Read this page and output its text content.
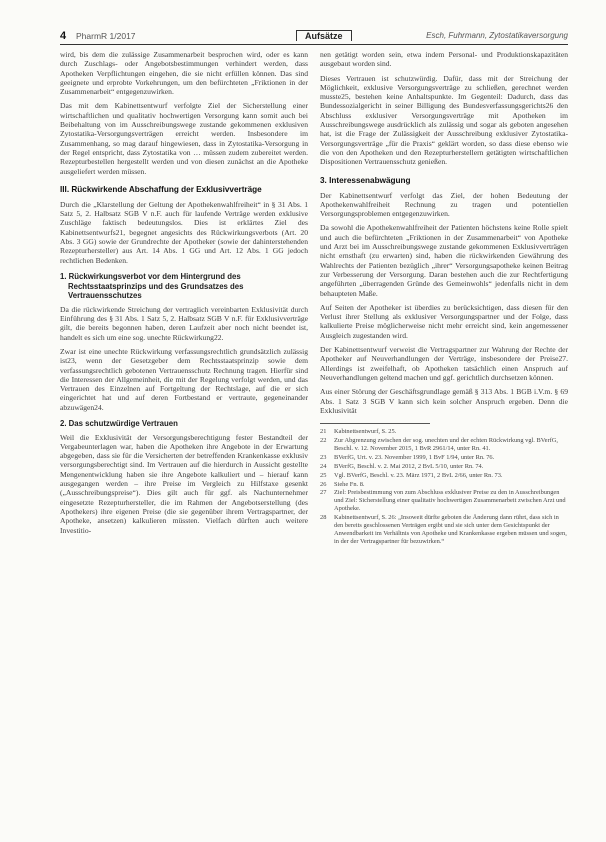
4 PharmR 1/2017	Aufsätze	Esch, Fuhrmann, Zytostatikaversorgung

wird, bis dem die zulässige Zusammenarbeit besprochen wird, oder es kann durch Zuschlags- oder Angebotsbestimmungen verhindert werden, dass Apotheken Verpflichtungen eingehen, die sie nicht erfüllen können. Das sind geeignete und erprobte Vorkehrungen, um den befürchteten „Friktionen in der Zusammenarbeit“ entgegenzuwirken.

Das mit dem Kabinettsentwurf verfolgte Ziel der Sicherstellung einer wirtschaftlichen und qualitativ hochwertigen Versorgung kann somit auch bei Beibehaltung von im Ausschreibungswege zustande gekommenen exklusiven Zytostatika-Versorgungsverträgen erreicht werden. Insbesondere im Zusammenhang, so mag darauf hingewiesen, dass in Zytostatika-Versorgung in der Regel entspricht, dass Zytostatika von … müssen zudem zubereitet werden. Rezepturbestellen hergestellt werden und von diesen zunächst an die Apotheke ausgeliefert werden müssen.

III. Rückwirkende Abschaffung der Exklusivverträge

Durch die „Klarstellung der Geltung der Apothekenwahlfreiheit“ in § 31 Abs. 1 Satz 5, 2. Halbsatz SGB V n.F. auch für laufende Verträge werden exklusive Zuschläge faktisch bedeutungslos. Dies ist erklärtes Ziel des Kabinettsentwurfs21, begegnet angesichts des Rückwirkungsverbots (Art. 20 Abs. 3 GG) sowie der Grundrechte der Apotheker (sowie der dahinterstehenden Rezepturhersteller) aus Art. 14 Abs. 1 GG und Art. 12 Abs. 1 GG jedoch rechtlichen Bedenken.

1. Rückwirkungsverbot vor dem Hintergrund des Rechtsstaatsprinzips und des Grundsatzes des Vertrauensschutzes

Da die rückwirkende Streichung der vertraglich vereinbarten Exklusivität durch Einführung des § 31 Abs. 1 Satz 5, 2. Halbsatz SGB V n.F. für Exklusivverträge gilt, die bereits begonnen haben, deren Laufzeit aber noch nicht beendet ist, handelt es sich um eine sog. unechte Rückwirkung22.

Zwar ist eine unechte Rückwirkung verfassungsrechtlich grundsätzlich zulässig ist23, wenn der Gesetzgeber dem Rechtsstaatsprinzip sowie dem verfassungsrechtlich gebotenen Vertrauensschutz Rechnung tragen. Hierfür sind die Interessen der Allgemeinheit, die mit der Regelung verfolgt werden, und das Vertrauen des Einzelnen auf Fortgeltung der Rechtslage, auf die er sich eingerichtet hat und auf deren Fortbestand er vertraute, gegeneinander abzuwägen24.

2. Das schutzwürdige Vertrauen

Weil die Exklusivität der Versorgungsberechtigung fester Bestandteil der Vergabeunterlagen war, haben die Apotheken ihre Angebote in der Erwartung abgegeben, dass sie für die Versicherten der betreffenden Krankenkasse exklusiv versorgungsberechtigt sind. Im Vertrauen auf die hierdurch in Aussicht gestellte Mengenentwicklung haben sie ihre Angebote kalkuliert und – hierauf kann ausgegangen werden – ihre Preise im Vergleich zu Hilfstaxe gesenkt („Ausschreibungspreise“). Dies gilt auch für ggf. als Nachunternehmer eingesetzte Rezepturhersteller, die im Rahmen der Angebotserstellung (des Apothekers) ihre eigenen Preise (die sie gegenüber ihrem Vertragspartner, der Apotheke, ansetzen) kalkulieren müssten. Vielfach dürften auch weitere Investitio-

nen getätigt worden sein, etwa indem Personal- und Produktionskapazitäten ausgebaut worden sind.

Dieses Vertrauen ist schutzwürdig. Dafür, dass mit der Streichung der Möglichkeit, exklusive Versorgungsverträge zu schließen, gerechnet werden musste25, bestehen keine Anhaltspunkte. Im Gegenteil: Dadurch, dass das Bundessozialgericht in seiner Billigung des Bundesverfassungsgerichts26 den Abschluss exklusiver Versorgungsverträge mit Apotheken im Ausschreibungswege ausdrücklich als zulässig und sogar als geboten angesehen hat, ist die Frage der Zulässigkeit der Ausschreibung exklusiver Zytostatika-Versorgungsverträge „für die Praxis“ geklärt worden, so dass diese ebenso wie die von den Apotheken und den Rezepturherstellern getätigten wirtschaftlichen Dispositionen Vertrauensschutz genießen.

3. Interessenabwägung

Der Kabinettsentwurf verfolgt das Ziel, der hohen Bedeutung der Apothekenwahlfreiheit Rechnung zu tragen und potentiellen Versorgungsproblemen entgegenzuwirken.

Da sowohl die Apothekenwahlfreiheit der Patienten höchstens keine Rolle spielt und auch die befürchteten „Friktionen in der Zusammenarbeit“ von Apotheke und Arzt bei im Ausschreibungswege zustande gekommenen Exklusivverträgen nicht ernsthaft (zu erwarten) sind, haben die rückwirkenden Gewährung des Wahlrechts der Patienten bezüglich „ihrer“ Versorgungsapotheke keinen Beitrag zur Verbesserung der Versorgung. Daran bestehen auch die zur Rechtfertigung angeführten „überragenden Gründe des Gemeinwohls“ jedenfalls nicht in dem behaupteten Maße.

Auf Seiten der Apotheker ist überdies zu berücksichtigen, dass diesen für den Verlust ihrer Stellung als exklusiver Versorgungspartner und der Folge, dass kalkulierte Preise möglicherweise nicht mehr erreicht sind, kein angemessener Ausgleich zugestanden wird.

Der Kabinettsentwurf verweist die Vertragspartner zur Wahrung der Rechte der Apotheker auf Neuverhandlungen der Verträge, insbesondere der Preise27. Allerdings ist zweifelhaft, ob Apotheken tatsächlich einen Anspruch auf Neuverhandlungen geltend machen und ggf. gerichtlich durchsetzen können.

Aus einer Störung der Geschäftsgrundlage gemäß § 313 Abs. 1 BGB i.V.m. § 69 Abs. 1 Satz 3 SGB V kann sich kein solcher Anspruch ergeben. Denn die Exklusivität

21	Kabinettsentwurf, S. 25.
22	Zur Abgrenzung zwischen der sog. unechten und der echten Rückwirkung vgl. BVerfG, Beschl. v. 12. November 2015, 1 BvR 2961/14, unter Rn. 41.
23	BVerfG, Urt. v. 23. November 1999, 1 BvF 1/94, unter Rn. 76.
24	BVerfG, Beschl. v. 2. Mai 2012, 2 BvL 5/10, unter Rn. 74.
25	Vgl. BVerfG, Beschl. v. 23. März 1971, 2 BvL 2/66, unter Rn. 73.
26	Siehe Fn. 8.
27	Ziel: Preisbestimmung von zum Abschluss exklusiver Preise zu den in Ausschreibungen und Ziel: Sicherstellung einer qualitativ hochwertigen Zusammenarbeit zwischen Arzt und Apotheke.
28	Kabinettsentwurf, S. 26: „Insoweit dürfte geboten die Änderung dann rührt, dass sich in den bereits geschlossenen Verträgen ergibt und sie sich unter dem Gesichtspunkt der Anwendbarkeit im Verhältnis von Apotheke und Krankenkasse ergeben müssen und sogen, in der der Vertragspartner für bezuwirken.“
